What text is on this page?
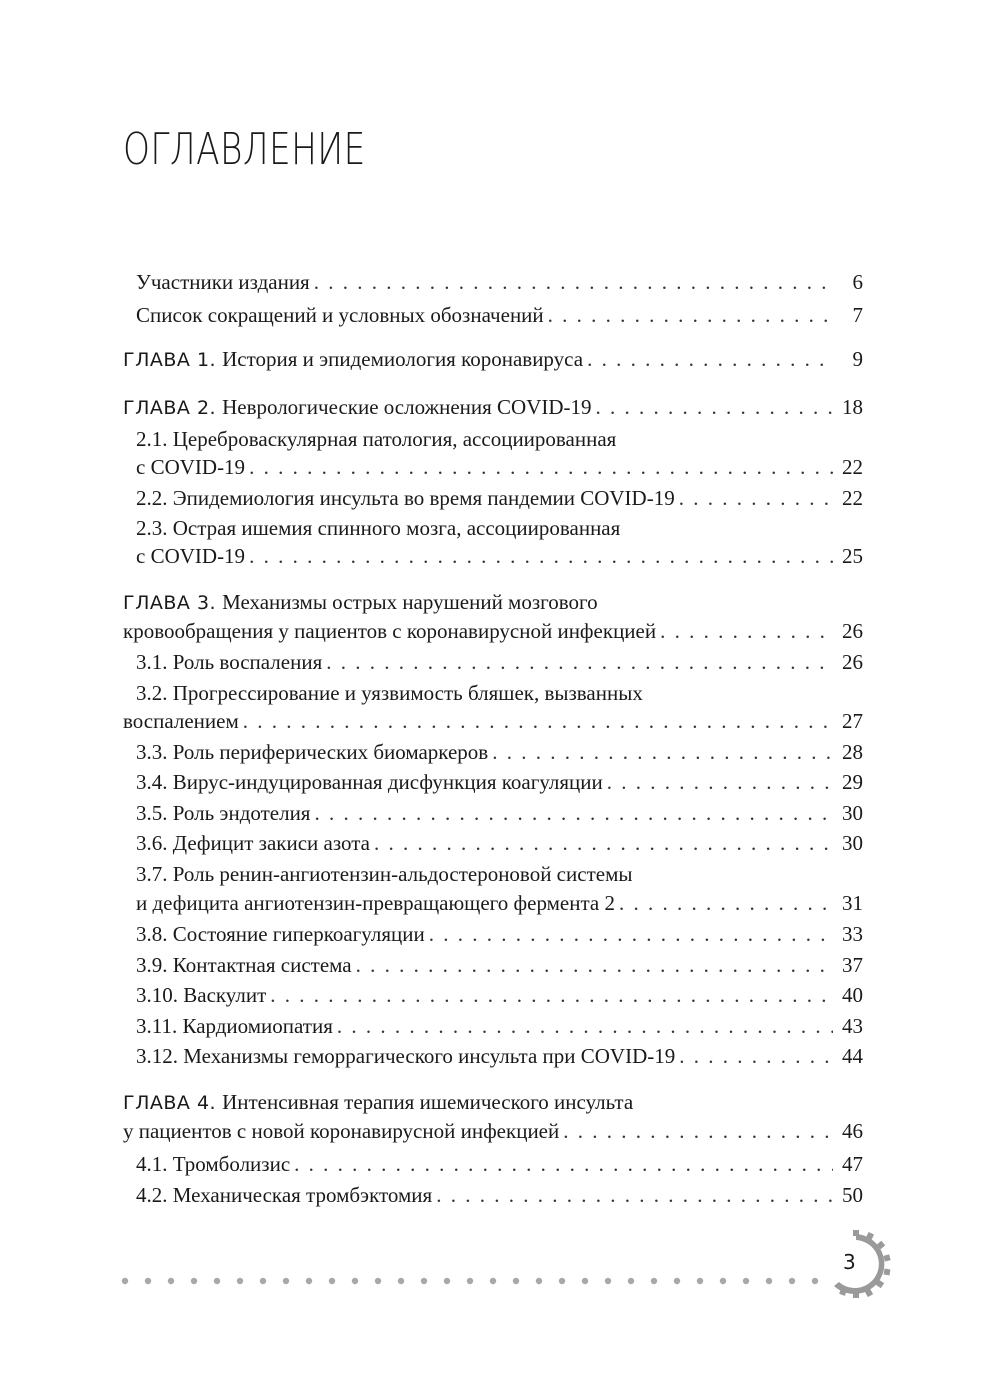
ОГЛАВЛЕНИЕ
Участники издания . . .	6
Список сокращений и условных обозначений . . .	7
ГЛАВА 1. История и эпидемиология коронавируса . . .	9
ГЛАВА 2. Неврологические осложнения COVID-19 . . .	18
2.1. Цереброваскулярная патология, ассоциированная
с COVID-19 . . .	22
2.2. Эпидемиология инсульта во время пандемии COVID-19 . . .	22
2.3. Острая ишемия спинного мозга, ассоциированная
с COVID-19 . . .	25
ГЛАВА 3. Механизмы острых нарушений мозгового
кровообращения у пациентов с коронавирусной инфекцией . . .	26
3.1. Роль воспаления . . .	26
3.2. Прогрессирование и уязвимость бляшек, вызванных
воспалением . . .	27
3.3. Роль периферических биомаркеров . . .	28
3.4. Вирус-индуцированная дисфункция коагуляции . . .	29
3.5. Роль эндотелия . . .	30
3.6. Дефицит закиси азота . . .	30
3.7. Роль ренин-ангиотензин-альдостероновой системы
и дефицита ангиотензин-превращающего фермента 2 . . .	31
3.8. Состояние гиперкоагуляции . . .	33
3.9. Контактная система . . .	37
3.10. Васкулит . . .	40
3.11. Кардиомиопатия . . .	43
3.12. Механизмы геморрагического инсульта при COVID-19 . . .	44
ГЛАВА 4. Интенсивная терапия ишемического инсульта
у пациентов с новой коронавирусной инфекцией . . .	46
4.1. Тромболизис . . .	47
4.2. Механическая тромбэктомия . . .	50
3
